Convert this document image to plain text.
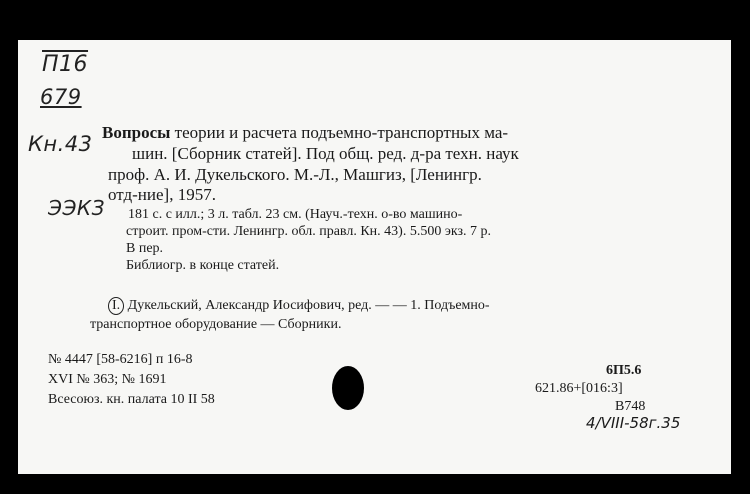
П16
679
Кн.43
ЭЭКЗ
Вопросы теории и расчета подъемно-транспортных ма-
шин. [Сборник статей]. Под общ. ред. д-ра техн. наук
проф. А. И. Дукельского. М.-Л., Машгиз, [Ленингр.
отд-ние], 1957.
181 с. с илл.; 3 л. табл. 23 см. (Науч.-техн. о-во машино-
строит. пром-сти. Ленингр. обл. правл. Кн. 43). 5.500 экз. 7 р.
В пер.
Библиогр. в конце статей.
I. Дукельский, Александр Иосифович, ред. — — 1. Подъемно-
транспортное оборудование — Сборники.
№ 4447 [58-6216] п 16-8
XVI № 363; № 1691
Всесоюз. кн. палата 10 II 58
6П5.6
621.86+[016:3]
В748
4/VIII-58г.35
